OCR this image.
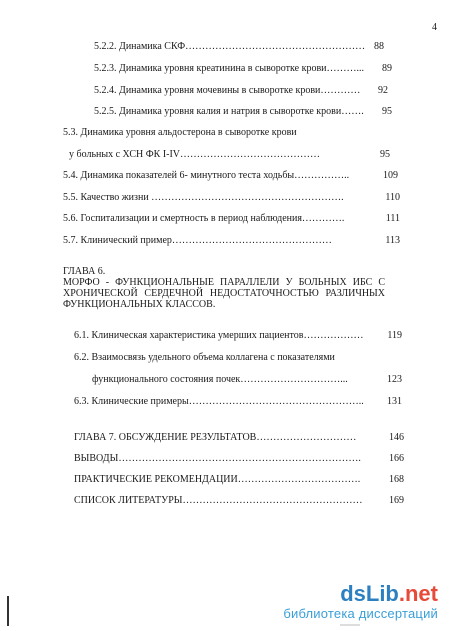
4
5.2.2. Динамика СКФ……………………………………………… 88
5.2.3. Динамика уровня креатинина в сыворотке крови………...	89
5.2.4. Динамика уровня мочевины в сыворотке крови…………	92
5.2.5. Динамика уровня калия и натрия в сыворотке крови…….	95
5.3. Динамика уровня альдостерона в сыворотке крови
у больных с ХСН ФК I-IV……………………………………	95
5.4. Динамика показателей 6- минутного теста ходьбы……………..	109
5.5. Качество жизни ………………………………………………….	110
5.6. Госпитализации и смертность в период наблюдения………….	111
5.7. Клинический пример…………………………………………	113
ГЛАВА 6.
МОРФО - ФУНКЦИОНАЛЬНЫЕ ПАРАЛЛЕЛИ У БОЛЬНЫХ ИБС С ХРОНИЧЕСКОЙ СЕРДЕЧНОЙ НЕДОСТАТОЧНОСТЬЮ РАЗЛИЧНЫХ ФУНКЦИОНАЛЬНЫХ КЛАССОВ.
6.1. Клиническая характеристика умерших пациентов………………	119
6.2. Взаимосвязь удельного объема коллагена с показателями
функционального состояния почек…………………………...	123
6.3. Клинические примеры……………………………………………..	131
ГЛАВА 7. ОБСУЖДЕНИЕ РЕЗУЛЬТАТОВ…………………………	146
ВЫВОДЫ……………………………………………………………….	166
ПРАКТИЧЕСКИЕ РЕКОМЕНДАЦИИ……………………………….	168
СПИСОК ЛИТЕРАТУРЫ………………………………………………	169
dsLib.net
библиотека диссертаций
